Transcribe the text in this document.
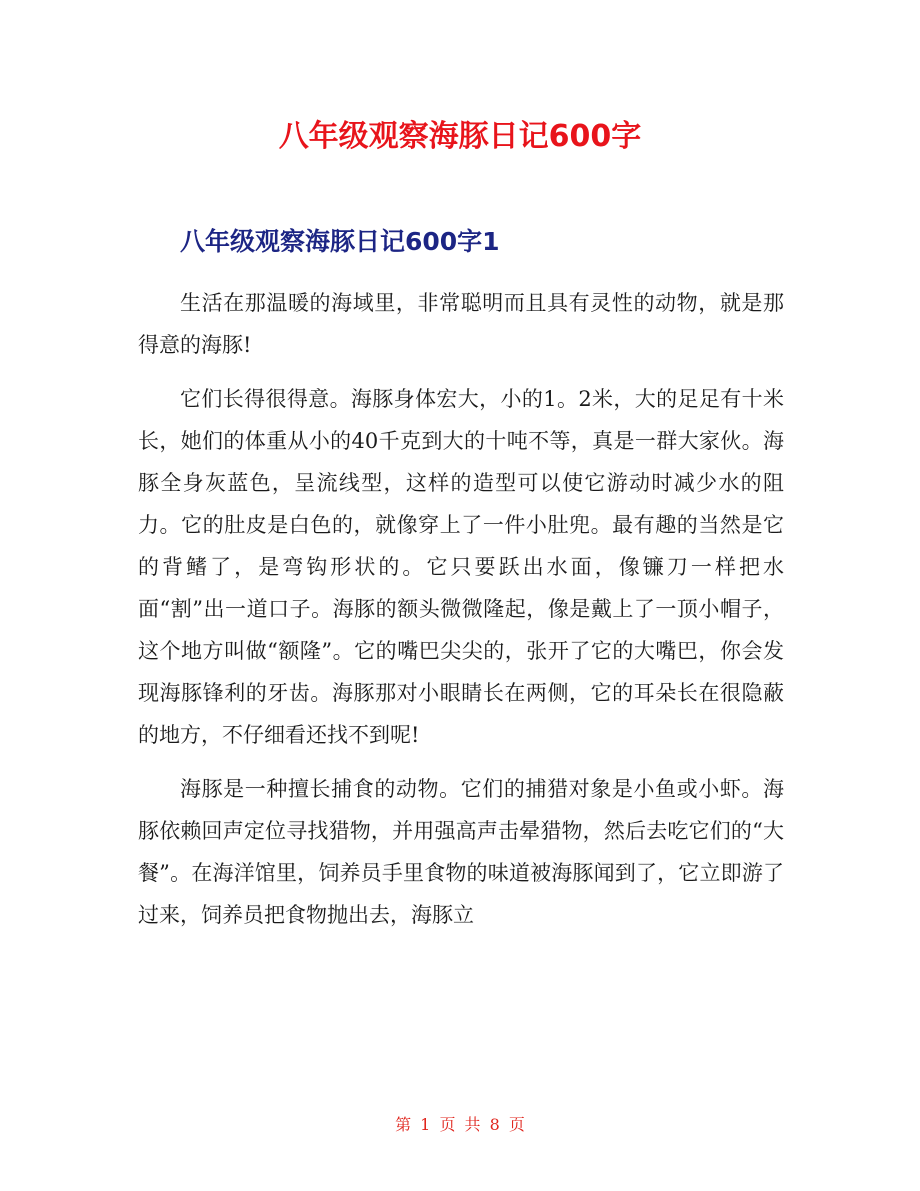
八年级观察海豚日记600字
八年级观察海豚日记600字1

生活在那温暖的海域里，非常聪明而且具有灵性的动物，就是那得意的海豚!

它们长得很得意。海豚身体宏大，小的1。2米，大的足足有十米长，她们的体重从小的40千克到大的十吨不等，真是一群大家伙。海豚全身灰蓝色，呈流线型，这样的造型可以使它游动时减少水的阻力。它的肚皮是白色的，就像穿上了一件小肚兜。最有趣的当然是它的背鳍了，是弯钩形状的。它只要跃出水面，像镰刀一样把水面“割”出一道口子。海豚的额头微微隆起，像是戴上了一顶小帽子，这个地方叫做“额隆”。它的嘴巴尖尖的，张开了它的大嘴巴，你会发现海豚锋利的牙齿。海豚那对小眼睛长在两侧，它的耳朵长在很隐蔽的地方，不仔细看还找不到呢!

海豚是一种擅长捕食的动物。它们的捕猎对象是小鱼或小虾。海豚依赖回声定位寻找猎物，并用强高声击晕猎物，然后去吃它们的“大餐”。在海洋馆里，饲养员手里食物的味道被海豚闻到了，它立即游了过来，饲养员把食物抛出去，海豚立

第 1 页 共 8 页
